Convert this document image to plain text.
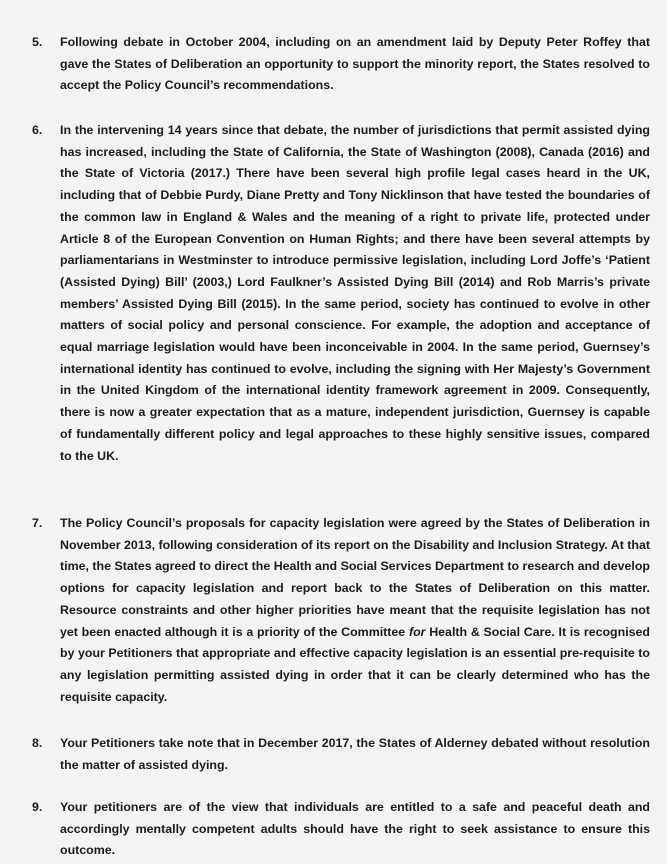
5. Following debate in October 2004, including on an amendment laid by Deputy Peter Roffey that gave the States of Deliberation an opportunity to support the minority report, the States resolved to accept the Policy Council’s recommendations.
6. In the intervening 14 years since that debate, the number of jurisdictions that permit assisted dying has increased, including the State of California, the State of Washington (2008), Canada (2016) and the State of Victoria (2017.) There have been several high profile legal cases heard in the UK, including that of Debbie Purdy, Diane Pretty and Tony Nicklinson that have tested the boundaries of the common law in England & Wales and the meaning of a right to private life, protected under Article 8 of the European Convention on Human Rights; and there have been several attempts by parliamentarians in Westminster to introduce permissive legislation, including Lord Joffe’s ‘Patient (Assisted Dying) Bill’ (2003,) Lord Faulkner’s Assisted Dying Bill (2014) and Rob Marris’s private members’ Assisted Dying Bill (2015). In the same period, society has continued to evolve in other matters of social policy and personal conscience. For example, the adoption and acceptance of equal marriage legislation would have been inconceivable in 2004. In the same period, Guernsey’s international identity has continued to evolve, including the signing with Her Majesty’s Government in the United Kingdom of the international identity framework agreement in 2009. Consequently, there is now a greater expectation that as a mature, independent jurisdiction, Guernsey is capable of fundamentally different policy and legal approaches to these highly sensitive issues, compared to the UK.
7. The Policy Council’s proposals for capacity legislation were agreed by the States of Deliberation in November 2013, following consideration of its report on the Disability and Inclusion Strategy. At that time, the States agreed to direct the Health and Social Services Department to research and develop options for capacity legislation and report back to the States of Deliberation on this matter. Resource constraints and other higher priorities have meant that the requisite legislation has not yet been enacted although it is a priority of the Committee for Health & Social Care. It is recognised by your Petitioners that appropriate and effective capacity legislation is an essential pre-requisite to any legislation permitting assisted dying in order that it can be clearly determined who has the requisite capacity.
8. Your Petitioners take note that in December 2017, the States of Alderney debated without resolution the matter of assisted dying.
9. Your petitioners are of the view that individuals are entitled to a safe and peaceful death and accordingly mentally competent adults should have the right to seek assistance to ensure this outcome.
